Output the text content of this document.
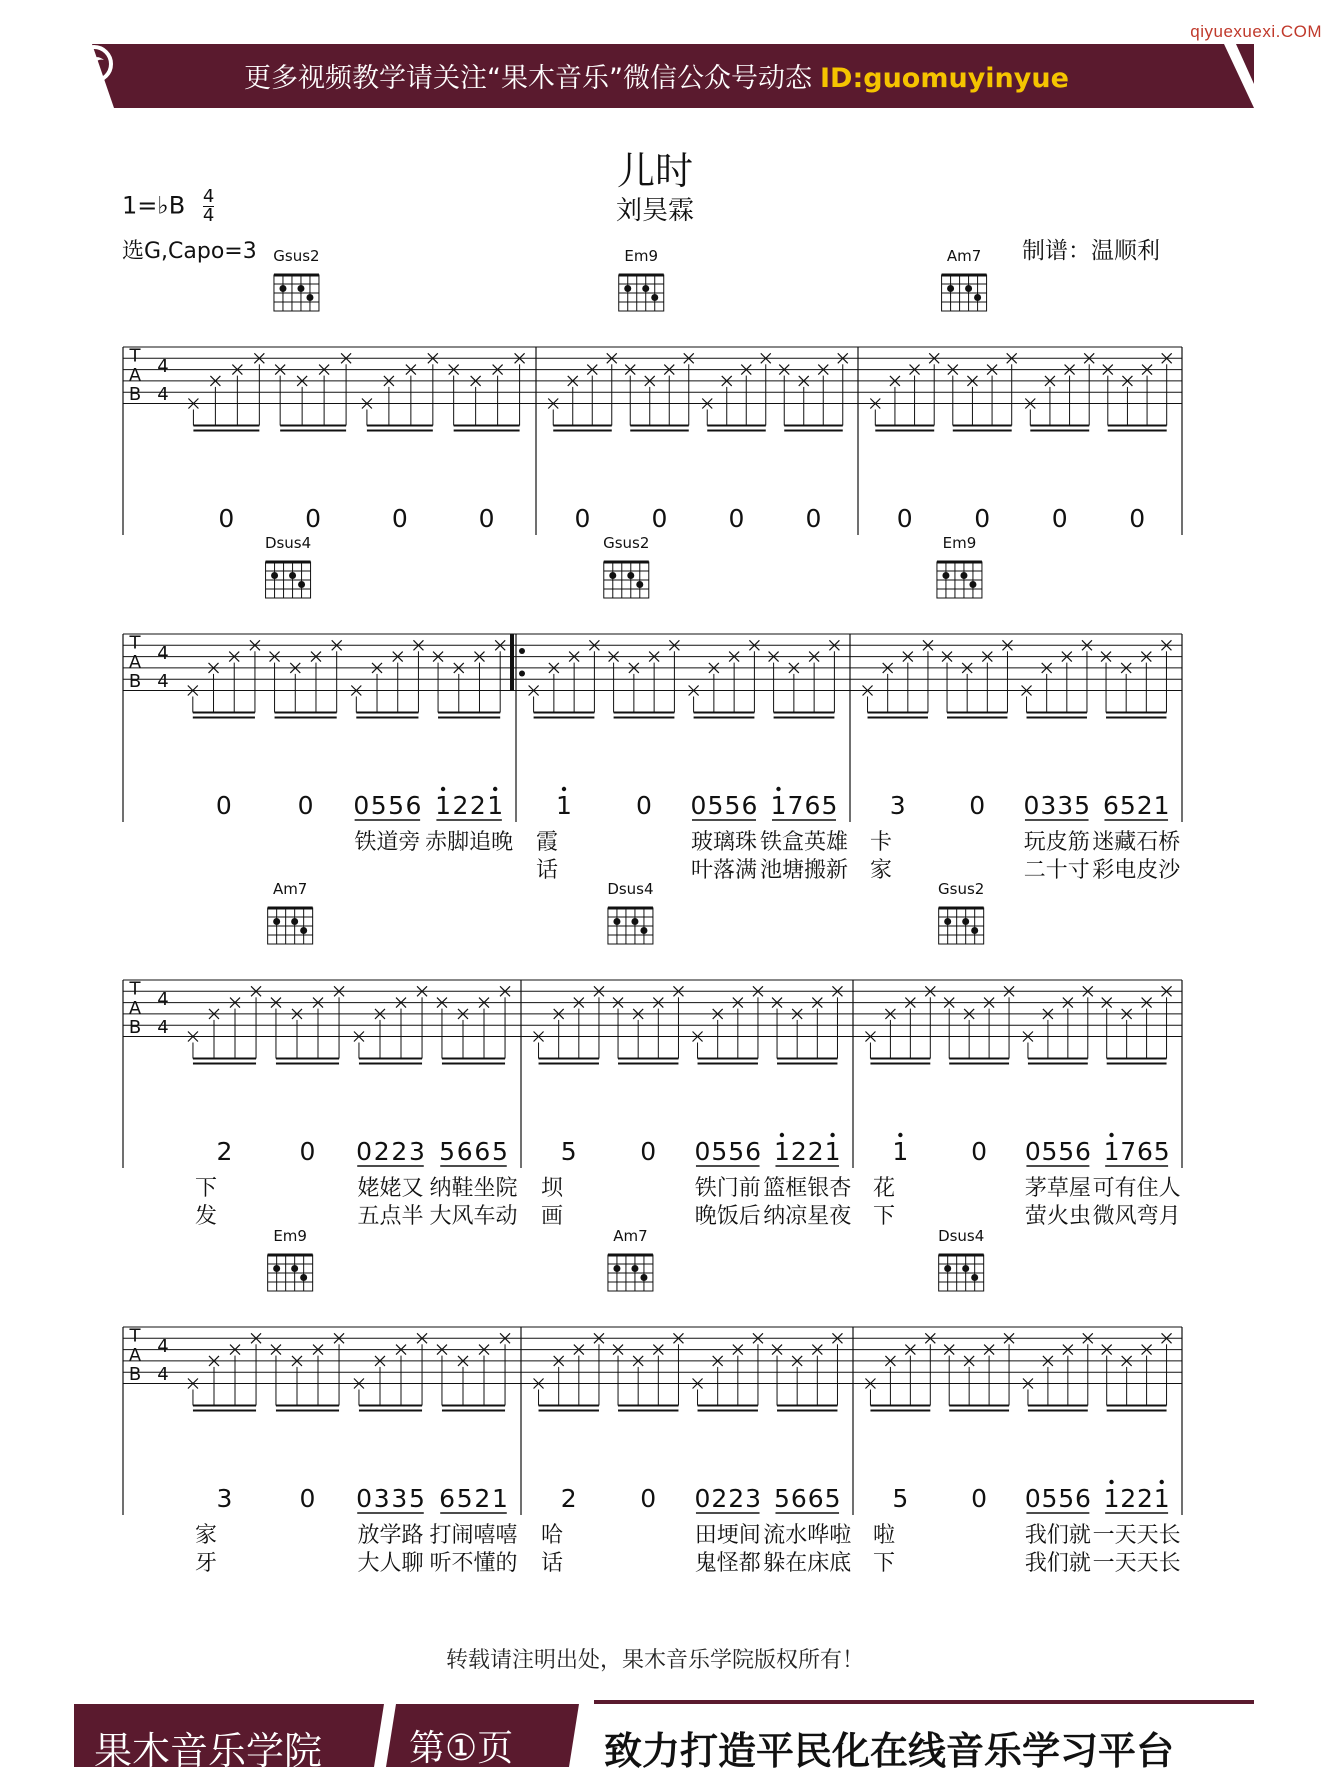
qiyuexuexi.COM
更多视频教学请关注“果木音乐”微信公众号动态 ID:guomuyinyue
儿时
刘昊霖
1=♭B $\frac{4}{4}$
选G,Capo=3	制谱：温顺利
T
A
B
4
4
Gsus2	Em9	Am7
0	0	0	0	0 0 0 0	0 0 0 0
T
A
B
4
4
Dsus4	Gsus2	Em9
0	0 0 5 5 6 1 2 2 1
铁道旁 赤脚追晚
1	0 0 5 5 6 1 7 6 5
霞	玻璃珠 铁盒英雄
话	叶落满 池塘搬新
3	0 0 3 3 5 6 5 2 1
卡	玩皮筋 迷藏石桥
家	二十寸 彩电皮沙
T
A
B
4
4
Am7	Dsus4	Gsus2
2	0 0 2 2 3 5 6 6 5
下	姥姥又 纳鞋坐院
发	五点半 大风车动
5	0 0 5 5 6 1 2 2 1
坝	铁门前 篮框银杏
画	晚饭后 纳凉星夜
1	0 0 5 5 6 1 7 6 5
花	茅草屋 可有住人
下	萤火虫 微风弯月
T
A
B
4
4
Em9	Am7	Dsus4
3	0 0 3 3 5 6 5 2 1
家	放学路 打闹嘻嘻
牙	大人聊 听不懂的
2	0 0 2 2 3 5 6 6 5
哈	田埂间 流水哗啦
话	鬼怪都 躲在床底
5	0 0 5 5 6 1 2 2 1
啦	我们就 一天天长
下	我们就 一天天长
转载请注明出处，果木音乐学院版权所有！
果木音乐学院 第①页 致力打造平民化在线音乐学习平台
